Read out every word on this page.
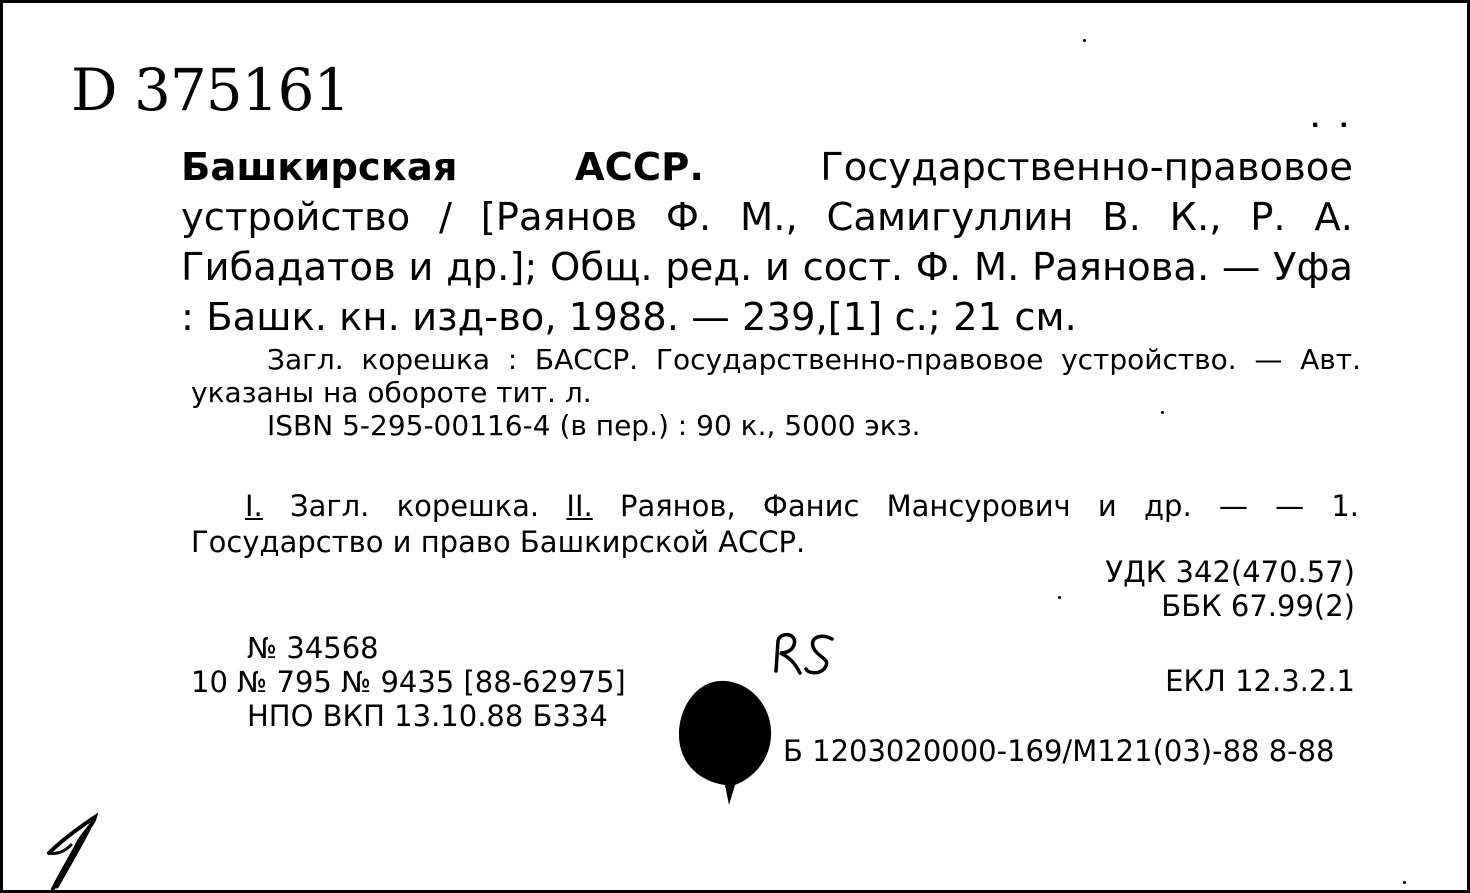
D 375161	. .
Башкирская АССР.	Государственно-правовое устройство / [Раянов Ф. М., Самигуллин В. К., Р. А. Гибадатов и др.]; Общ. ред. и сост. Ф. М. Раянова. — Уфа : Башк. кн. изд-во, 1988. — 239,[1] с.; 21 см.

Загл. корешка : БАССР. Государственно-правовое устройство. — Авт. указаны на обороте тит. л.

ISBN 5-295-00116-4 (в пер.) : 90 к., 5000 экз.

I. Загл. корешка. II. Раянов, Фанис Мансурович и др. — — 1. Государство и право Башкирской АССР.
УДК 342(470.57)
ББК 67.99(2)
ЕКЛ 12.3.2.1
№ 34568
10 № 795 № 9435 [88-62975]
НПО ВКП 13.10.88 Б334
Б 1203020000-169/М121(03)-88 8-88
